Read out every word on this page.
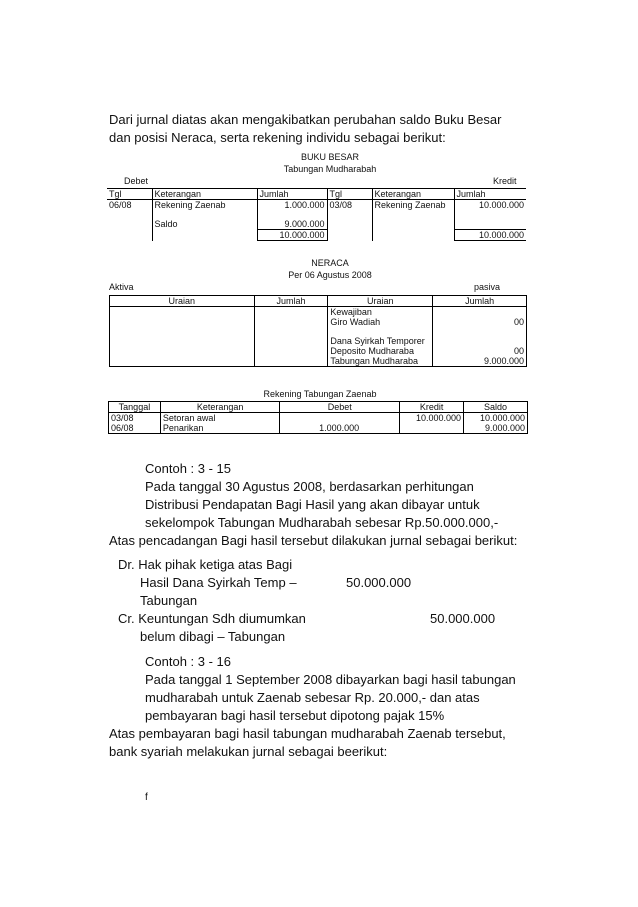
Dari jurnal diatas akan mengakibatkan perubahan saldo Buku Besar
dan posisi Neraca, serta rekening individu sebagai berikut:
BUKU BESAR
Tabungan Mudharabah
Debet	Kredit
Tgl	Keterangan	Jumlah	Tgl	Keterangan	Jumlah
06/08	Rekening Zaenab	1.000.000	03/08	Rekening Zaenab	10.000.000

	Saldo	9.000.000			
		10.000.000			10.000.000
NERACA
Per 06 Agustus 2008
Aktiva	pasiva
Uraian	Jumlah	Uraian	Jumlah
		Kewajiban	
		Giro Wadiah	00

		Dana Syirkah Temporer	
		Deposito Mudharaba	00
		Tabungan Mudharaba	9.000.000
Rekening Tabungan Zaenab
Tanggal	Keterangan	Debet	Kredit	Saldo
03/08	Setoran awal		10.000.000	10.000.000
06/08	Penarikan	1.000.000		9.000.000
Contoh : 3 - 15
Pada tanggal 30 Agustus 2008, berdasarkan perhitungan
Distribusi Pendapatan Bagi Hasil yang akan dibayar untuk
sekelompok Tabungan Mudharabah sebesar Rp.50.000.000,-
Atas pencadangan Bagi hasil tersebut dilakukan jurnal sebagai berikut:
Dr. Hak pihak ketiga atas Bagi
Hasil Dana Syirkah Temp –	50.000.000
Tabungan
Cr. Keuntungan Sdh diumumkan	50.000.000
belum dibagi – Tabungan
Contoh : 3 - 16
Pada tanggal 1 September 2008 dibayarkan bagi hasil tabungan
mudharabah untuk Zaenab sebesar Rp. 20.000,- dan atas
pembayaran bagi hasil tersebut dipotong pajak 15%
Atas pembayaran bagi hasil tabungan mudharabah Zaenab tersebut,
bank syariah melakukan jurnal sebagai beerikut:
f
